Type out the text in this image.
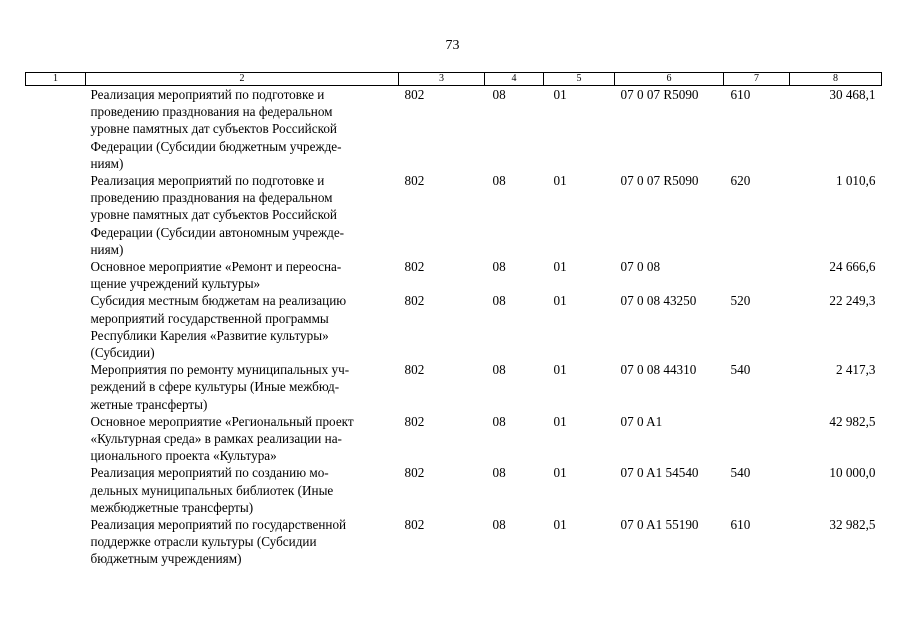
73
1	2	3	4	5	6	7	8

	Реализация мероприятий по подготовке и
проведению празднования на федеральном
уровне памятных дат субъектов Российской
Федерации (Субсидии бюджетным учрежде-
ниям)	802	08	01	07 0 07 R5090	610	30 468,1

	Реализация мероприятий по подготовке и
проведению празднования на федеральном
уровне памятных дат субъектов Российской
Федерации (Субсидии автономным учрежде-
ниям)	802	08	01	07 0 07 R5090	620	1 010,6

	Основное мероприятие «Ремонт и переосна-
щение учреждений культуры»	802	08	01	07 0 08		24 666,6

	Субсидия местным бюджетам на реализацию
мероприятий государственной программы
Республики Карелия «Развитие культуры»
(Субсидии)	802	08	01	07 0 08 43250	520	22 249,3

	Мероприятия по ремонту муниципальных уч-
реждений в сфере культуры (Иные межбюд-
жетные трансферты)	802	08	01	07 0 08 44310	540	2 417,3

	Основное мероприятие «Региональный проект
«Культурная среда» в рамках реализации на-
ционального проекта «Культура»	802	08	01	07 0 A1		42 982,5

	Реализация мероприятий по созданию мо-
дельных муниципальных библиотек (Иные
межбюджетные трансферты)	802	08	01	07 0 A1 54540	540	10 000,0

	Реализация мероприятий по государственной
поддержке отрасли культуры (Субсидии
бюджетным учреждениям)	802	08	01	07 0 A1 55190	610	32 982,5
